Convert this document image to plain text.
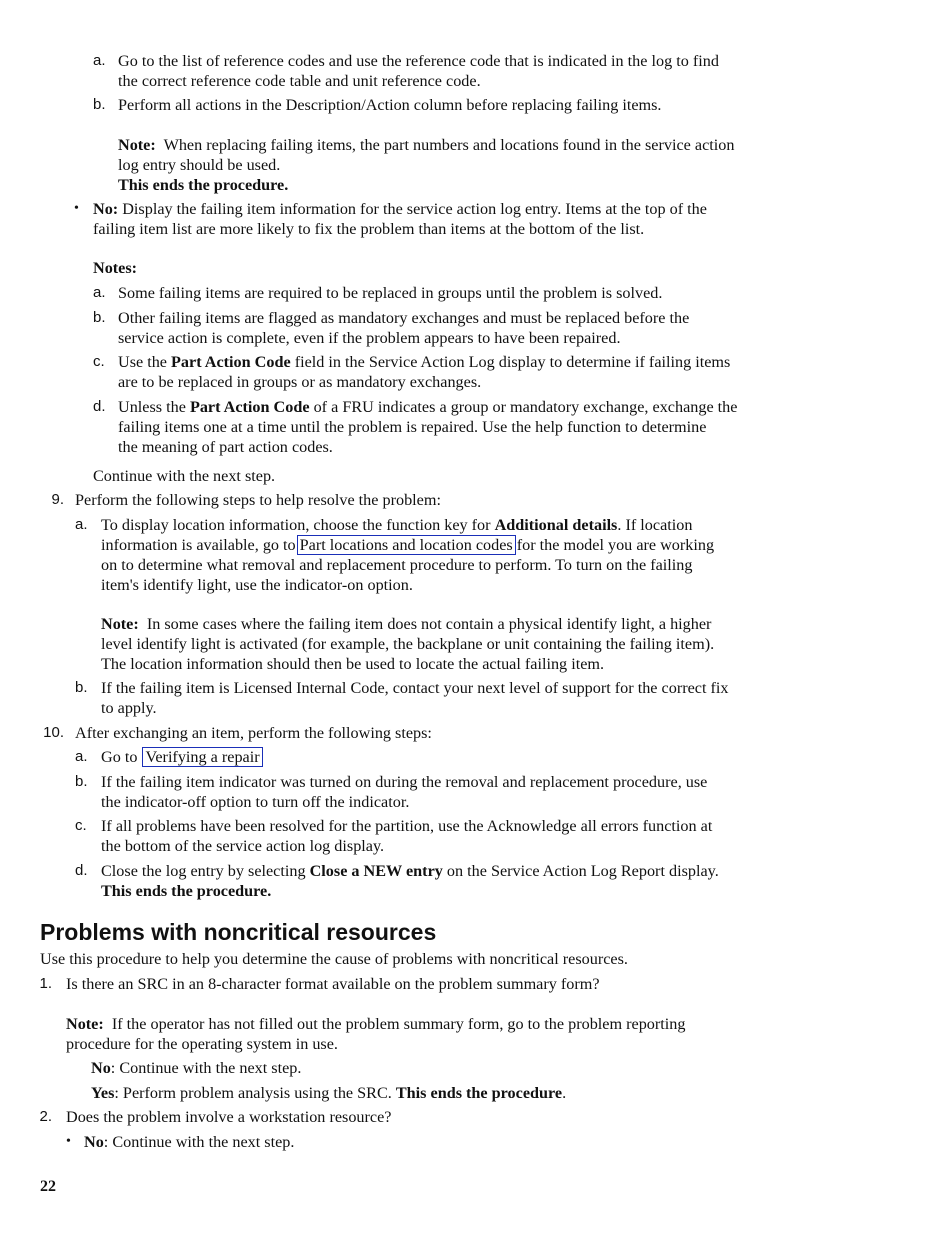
a. Go to the list of reference codes and use the reference code that is indicated in the log to find
the correct reference code table and unit reference code.
b. Perform all actions in the Description/Action column before replacing failing items.
Note: When replacing failing items, the part numbers and locations found in the service action
log entry should be used.
This ends the procedure.
• No: Display the failing item information for the service action log entry. Items at the top of the
failing item list are more likely to fix the problem than items at the bottom of the list.
Notes:
a. Some failing items are required to be replaced in groups until the problem is solved.
b. Other failing items are flagged as mandatory exchanges and must be replaced before the
service action is complete, even if the problem appears to have been repaired.
c. Use the Part Action Code field in the Service Action Log display to determine if failing items
are to be replaced in groups or as mandatory exchanges.
d. Unless the Part Action Code of a FRU indicates a group or mandatory exchange, exchange the
failing items one at a time until the problem is repaired. Use the help function to determine
the meaning of part action codes.
Continue with the next step.
9. Perform the following steps to help resolve the problem:
a. To display location information, choose the function key for Additional details. If location
information is available, go to Part locations and location codes for the model you are working
on to determine what removal and replacement procedure to perform. To turn on the failing
item's identify light, use the indicator-on option.
Note: In some cases where the failing item does not contain a physical identify light, a higher
level identify light is activated (for example, the backplane or unit containing the failing item).
The location information should then be used to locate the actual failing item.
b. If the failing item is Licensed Internal Code, contact your next level of support for the correct fix
to apply.
10. After exchanging an item, perform the following steps:
a. Go to Verifying a repair
b. If the failing item indicator was turned on during the removal and replacement procedure, use
the indicator-off option to turn off the indicator.
c. If all problems have been resolved for the partition, use the Acknowledge all errors function at
the bottom of the service action log display.
d. Close the log entry by selecting Close a NEW entry on the Service Action Log Report display.
This ends the procedure.
Problems with noncritical resources
Use this procedure to help you determine the cause of problems with noncritical resources.
1. Is there an SRC in an 8-character format available on the problem summary form?
Note: If the operator has not filled out the problem summary form, go to the problem reporting
procedure for the operating system in use.
No: Continue with the next step.
Yes: Perform problem analysis using the SRC. This ends the procedure.
2. Does the problem involve a workstation resource?
• No: Continue with the next step.
22
